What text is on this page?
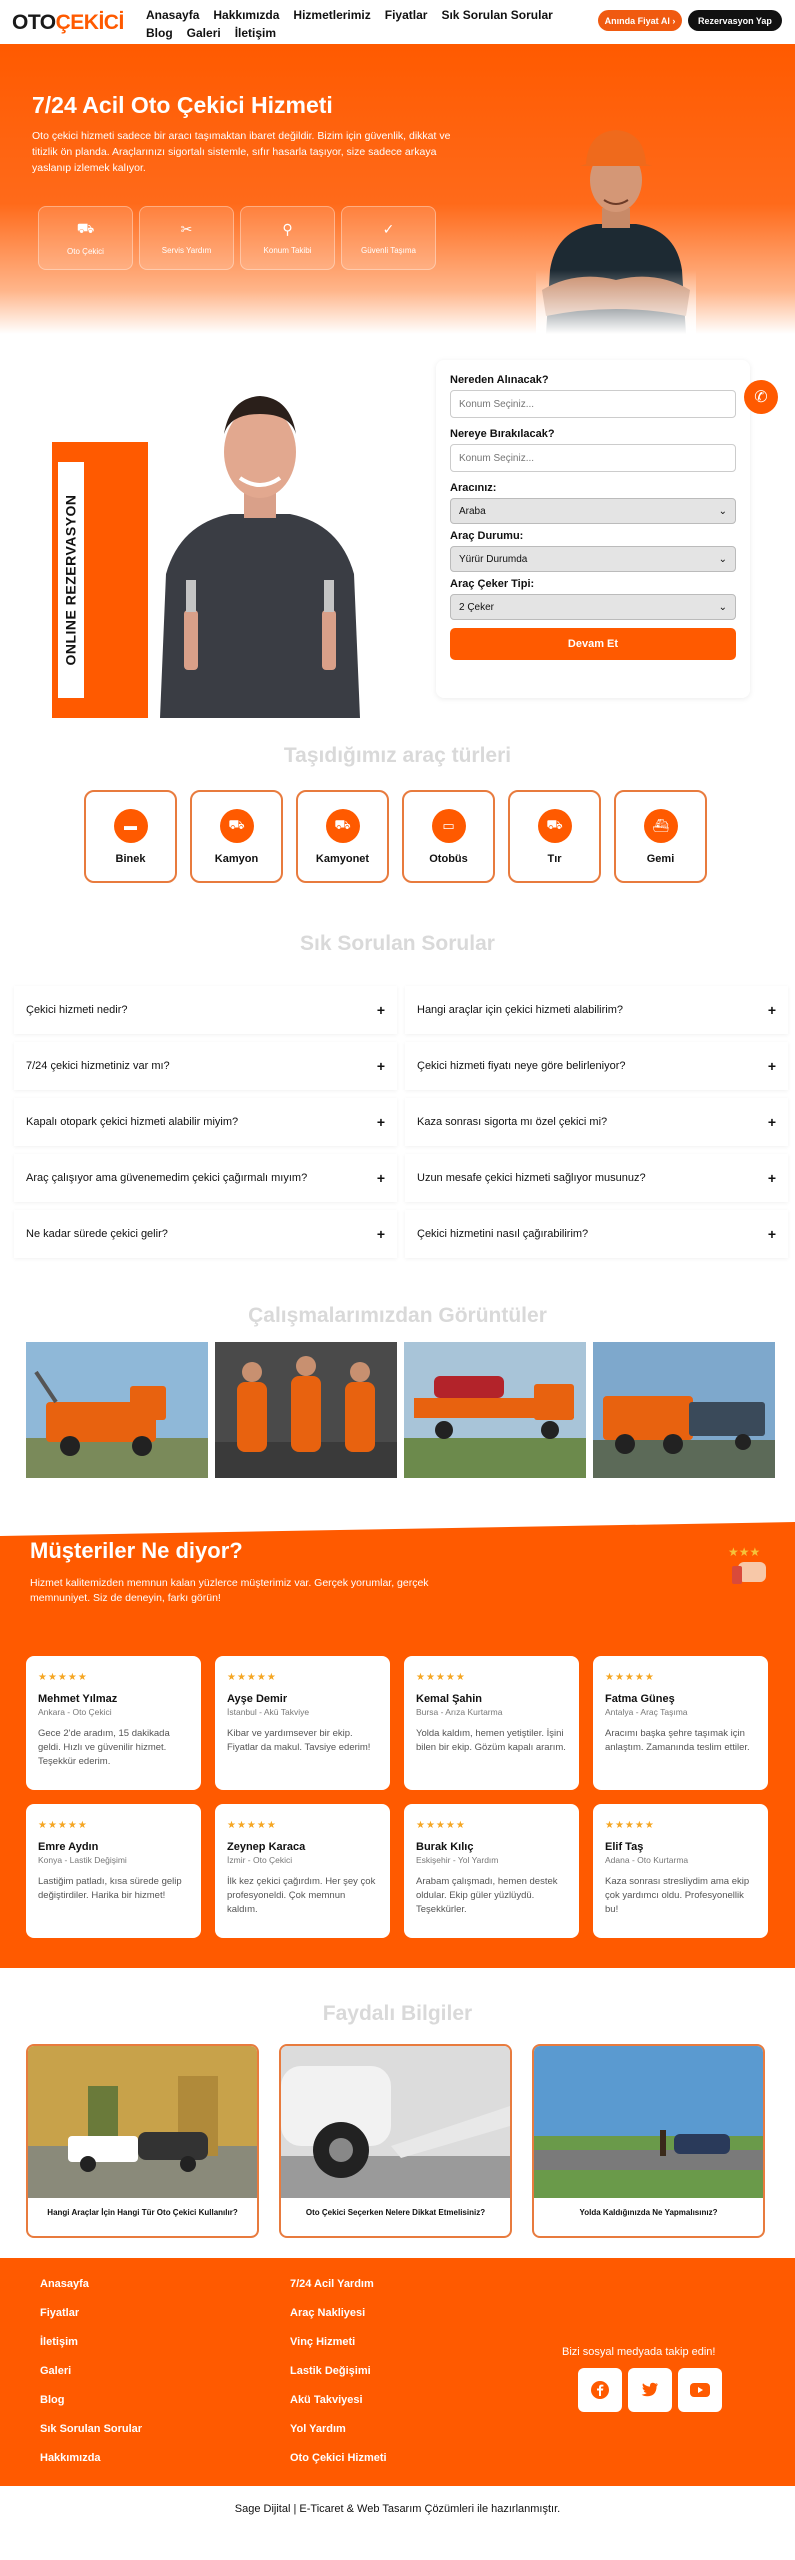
OTOÇEKİCİ	Anasayfa Hakkımızda Hizmetlerimiz Fiyatlar Sık Sorulan Sorular
Blog Galeri İletişim
Anında Fiyat Al
›	Rezervasyon Yap
7/24 Acil Oto Çekici Hizmeti

Oto çekici hizmeti sadece bir aracı taşımaktan ibaret değildir. Bizim için güvenlik, dikkat ve titizlik ön planda. Araçlarınızı sigortalı sistemle, sıfır hasarla taşıyor, size sadece arkaya yaslanıp izlemek kalıyor.

⛟
Oto Çekici
✂
Servis Yardım
⚲
Konum Takibi
✓
Güvenli Taşıma
ONLINE REZERVASYON
Nereden Alınacak?
Konum Seçiniz...
Nereye Bırakılacak?
Konum Seçiniz...
Aracınız:
Araba	⌄
Araç Durumu:
Yürür Durumda	⌄
Araç Çeker Tipi:
2 Çeker	⌄
Devam Et
✆
Taşıdığımız araç türleri
▬
Binek
⛟
Kamyon
⛟
Kamyonet
▭
Otobüs
⛟
Tır
⛴
Gemi
Sık Sorulan Sorular
Çekici hizmeti nedir?	+	Hangi araçlar için çekici hizmeti alabilirim?	+
7/24 çekici hizmetiniz var mı?	+	Çekici hizmeti fiyatı neye göre belirleniyor?	+
Kapalı otopark çekici hizmeti alabilir miyim?	+	Kaza sonrası sigorta mı özel çekici mi?	+
Araç çalışıyor ama güvenemedim çekici çağırmalı mıyım?	+	Uzun mesafe çekici hizmeti sağlıyor musunuz?	+
Ne kadar sürede çekici gelir?	+	Çekici hizmetini nasıl çağırabilirim?	+
Çalışmalarımızdan Görüntüler
Müşteriler Ne diyor?
Hizmet kalitemizden memnun kalan yüzlerce müşterimiz var. Gerçek yorumlar, gerçek memnuniyet. Siz de deneyin, farkı görün!
★★★
★★★★★
Mehmet Yılmaz
Ankara - Oto Çekici
Gece 2'de aradım, 15 dakikada geldi. Hızlı ve güvenilir hizmet. Teşekkür ederim.
★★★★★
Ayşe Demir
İstanbul - Akü Takviye
Kibar ve yardımsever bir ekip. Fiyatlar da makul. Tavsiye ederim!
★★★★★
Kemal Şahin
Bursa - Arıza Kurtarma
Yolda kaldım, hemen yetiştiler. İşini bilen bir ekip. Gözüm kapalı ararım.
★★★★★
Fatma Güneş
Antalya - Araç Taşıma
Aracımı başka şehre taşımak için anlaştım. Zamanında teslim ettiler.
★★★★★
Emre Aydın
Konya - Lastik Değişimi
Lastiğim patladı, kısa sürede gelip değiştirdiler. Harika bir hizmet!
★★★★★
Zeynep Karaca
İzmir - Oto Çekici
İlk kez çekici çağırdım. Her şey çok profesyoneldi. Çok memnun kaldım.
★★★★★
Burak Kılıç
Eskişehir - Yol Yardım
Arabam çalışmadı, hemen destek oldular. Ekip güler yüzlüydü. Teşekkürler.
★★★★★
Elif Taş
Adana - Oto Kurtarma
Kaza sonrası stresliydim ama ekip çok yardımcı oldu. Profesyonellik bu!
Faydalı Bilgiler
Hangi Araçlar İçin Hangi Tür Oto Çekici Kullanılır?	Oto Çekici Seçerken Nelere Dikkat Etmelisiniz?	Yolda Kaldığınızda Ne Yapmalısınız?
Anasayfa
Fiyatlar
İletişim
Galeri
Blog
Sık Sorulan Sorular
Hakkımızda
7/24 Acil Yardım
Araç Nakliyesi
Vinç Hizmeti
Lastik Değişimi
Akü Takviyesi
Yol Yardım
Oto Çekici Hizmeti
Bizi sosyal medyada takip edin!
Sage Dijital | E-Ticaret & Web Tasarım Çözümleri ile hazırlanmıştır.
